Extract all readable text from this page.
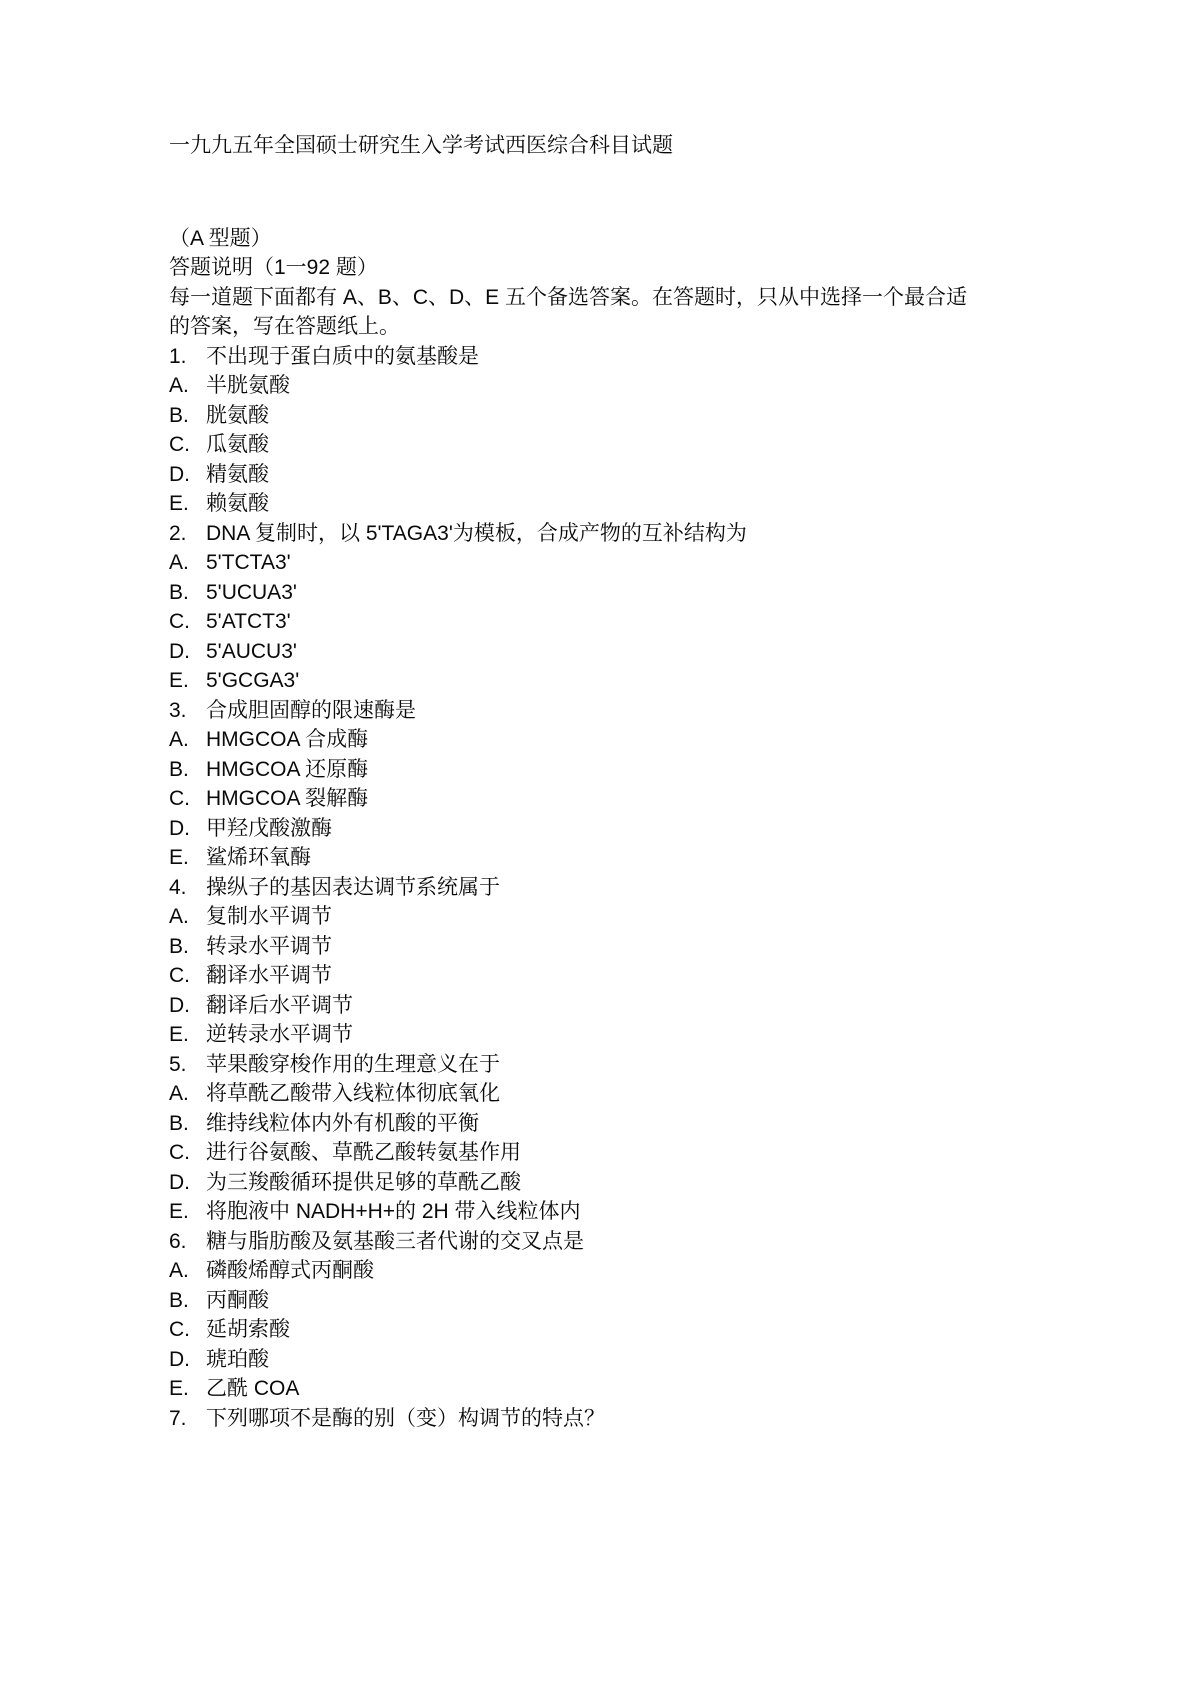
一九九五年全国硕士研究生入学考试西医综合科目试题
（A 型题）
答题说明（1一92 题）
每一道题下面都有 A、B、C、D、E 五个备选答案。在答题时，只从中选择一个最合适
的答案，写在答题纸上。
1. 不出现于蛋白质中的氨基酸是
A. 半胱氨酸
B. 胱氨酸
C. 瓜氨酸
D. 精氨酸
E. 赖氨酸
2. DNA 复制时，以 5'TAGA3'为模板，合成产物的互补结构为
A. 5'TCTA3'
B. 5'UCUA3'
C. 5'ATCT3'
D. 5'AUCU3'
E. 5'GCGA3'
3. 合成胆固醇的限速酶是
A. HMGCOA 合成酶
B. HMGCOA 还原酶
C. HMGCOA 裂解酶
D. 甲羟戊酸激酶
E. 鲨烯环氧酶
4. 操纵子的基因表达调节系统属于
A. 复制水平调节
B. 转录水平调节
C. 翻译水平调节
D. 翻译后水平调节
E. 逆转录水平调节
5. 苹果酸穿梭作用的生理意义在于
A. 将草酰乙酸带入线粒体彻底氧化
B. 维持线粒体内外有机酸的平衡
C. 进行谷氨酸、草酰乙酸转氨基作用
D. 为三羧酸循环提供足够的草酰乙酸
E. 将胞液中 NADH+H+的 2H 带入线粒体内
6. 糖与脂肪酸及氨基酸三者代谢的交叉点是
A. 磷酸烯醇式丙酮酸
B. 丙酮酸
C. 延胡索酸
D. 琥珀酸
E. 乙酰 COA
7. 下列哪项不是酶的别（变）构调节的特点？
